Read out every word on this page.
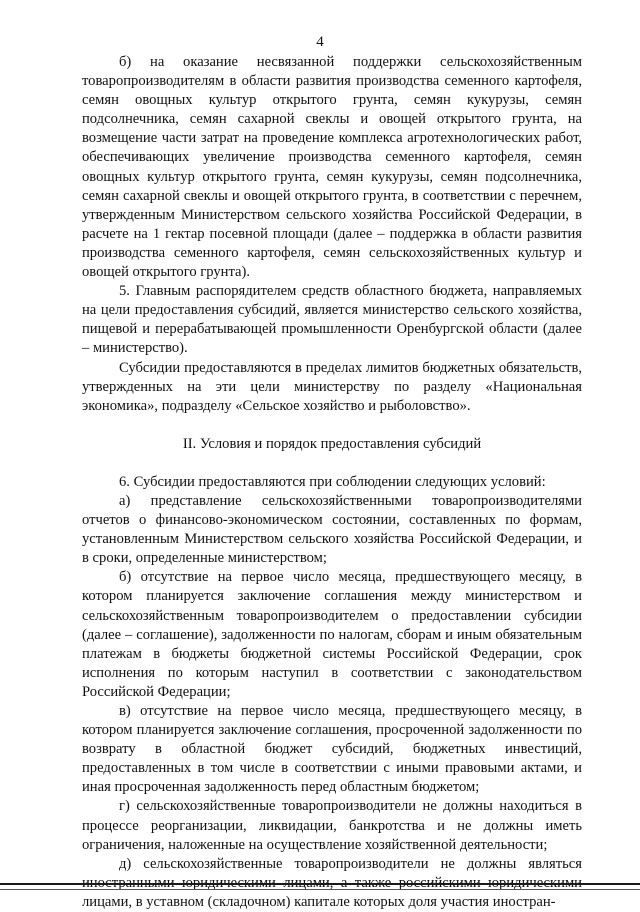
4

б) на оказание несвязанной поддержки сельскохозяйственным товаропроизводителям в области развития производства семенного картофеля, семян овощных культур открытого грунта, семян кукурузы, семян подсолнечника, семян сахарной свеклы и овощей открытого грунта, на возмещение части затрат на проведение комплекса агротехнологических работ, обеспечивающих увеличение производства семенного картофеля, семян овощных культур открытого грунта, семян кукурузы, семян подсолнечника, семян сахарной свеклы и овощей открытого грунта, в соответствии с перечнем, утвержденным Министерством сельского хозяйства Российской Федерации, в расчете на 1 гектар посевной площади (далее – поддержка в области развития производства семенного картофеля, семян сельскохозяйственных культур и овощей открытого грунта).

5. Главным распорядителем средств областного бюджета, направляемых на цели предоставления субсидий, является министерство сельского хозяйства, пищевой и перерабатывающей промышленности Оренбургской области (далее – министерство).

Субсидии предоставляются в пределах лимитов бюджетных обязательств, утвержденных на эти цели министерству по разделу «Национальная экономика», подразделу «Сельское хозяйство и рыболовство».

II. Условия и порядок предоставления субсидий

6. Субсидии предоставляются при соблюдении следующих условий:

а) представление сельскохозяйственными товаропроизводителями отчетов о финансово-экономическом состоянии, составленных по формам, установленным Министерством сельского хозяйства Российской Федерации, и в сроки, определенные министерством;

б) отсутствие на первое число месяца, предшествующего месяцу, в котором планируется заключение соглашения между министерством и сельскохозяйственным товаропроизводителем о предоставлении субсидии (далее – соглашение), задолженности по налогам, сборам и иным обязательным платежам в бюджеты бюджетной системы Российской Федерации, срок исполнения по которым наступил в соответствии с законодательством Российской Федерации;

в) отсутствие на первое число месяца, предшествующего месяцу, в котором планируется заключение соглашения, просроченной задолженности по возврату в областной бюджет субсидий, бюджетных инвестиций, предоставленных в том числе в соответствии с иными правовыми актами, и иная просроченная задолженность перед областным бюджетом;

г) сельскохозяйственные товаропроизводители не должны находиться в процессе реорганизации, ликвидации, банкротства и не должны иметь ограничения, наложенные на осуществление хозяйственной деятельности;

д) сельскохозяйственные товаропроизводители не должны являться лицами, в уставном (складочном) капитале которых доля участия иностран-
